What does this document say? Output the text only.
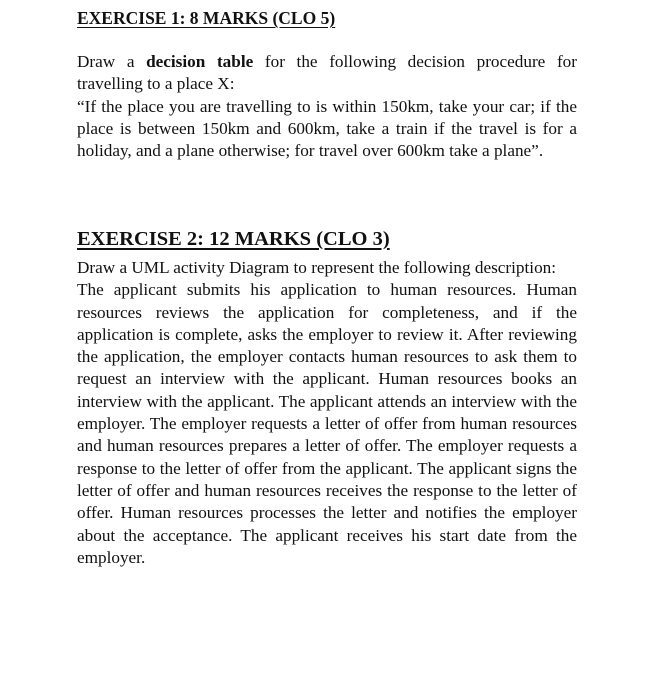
EXERCISE 1: 8 MARKS (CLO 5)

Draw a decision table for the following decision procedure for travelling to a place X:
“If the place you are travelling to is within 150km, take your car; if the place is between 150km and 600km, take a train if the travel is for a holiday, and a plane otherwise; for travel over 600km take a plane”.

EXERCISE 2: 12 MARKS (CLO 3)

Draw a UML activity Diagram to represent the following description:
The applicant submits his application to human resources. Human resources reviews the application for completeness, and if the application is complete, asks the employer to review it. After reviewing the application, the employer contacts human resources to ask them to request an interview with the applicant. Human resources books an interview with the applicant. The applicant attends an interview with the employer. The employer requests a letter of offer from human resources and human resources prepares a letter of offer. The employer requests a response to the letter of offer from the applicant. The applicant signs the letter of offer and human resources receives the response to the letter of offer. Human resources processes the letter and notifies the employer about the acceptance. The applicant receives his start date from the employer.
